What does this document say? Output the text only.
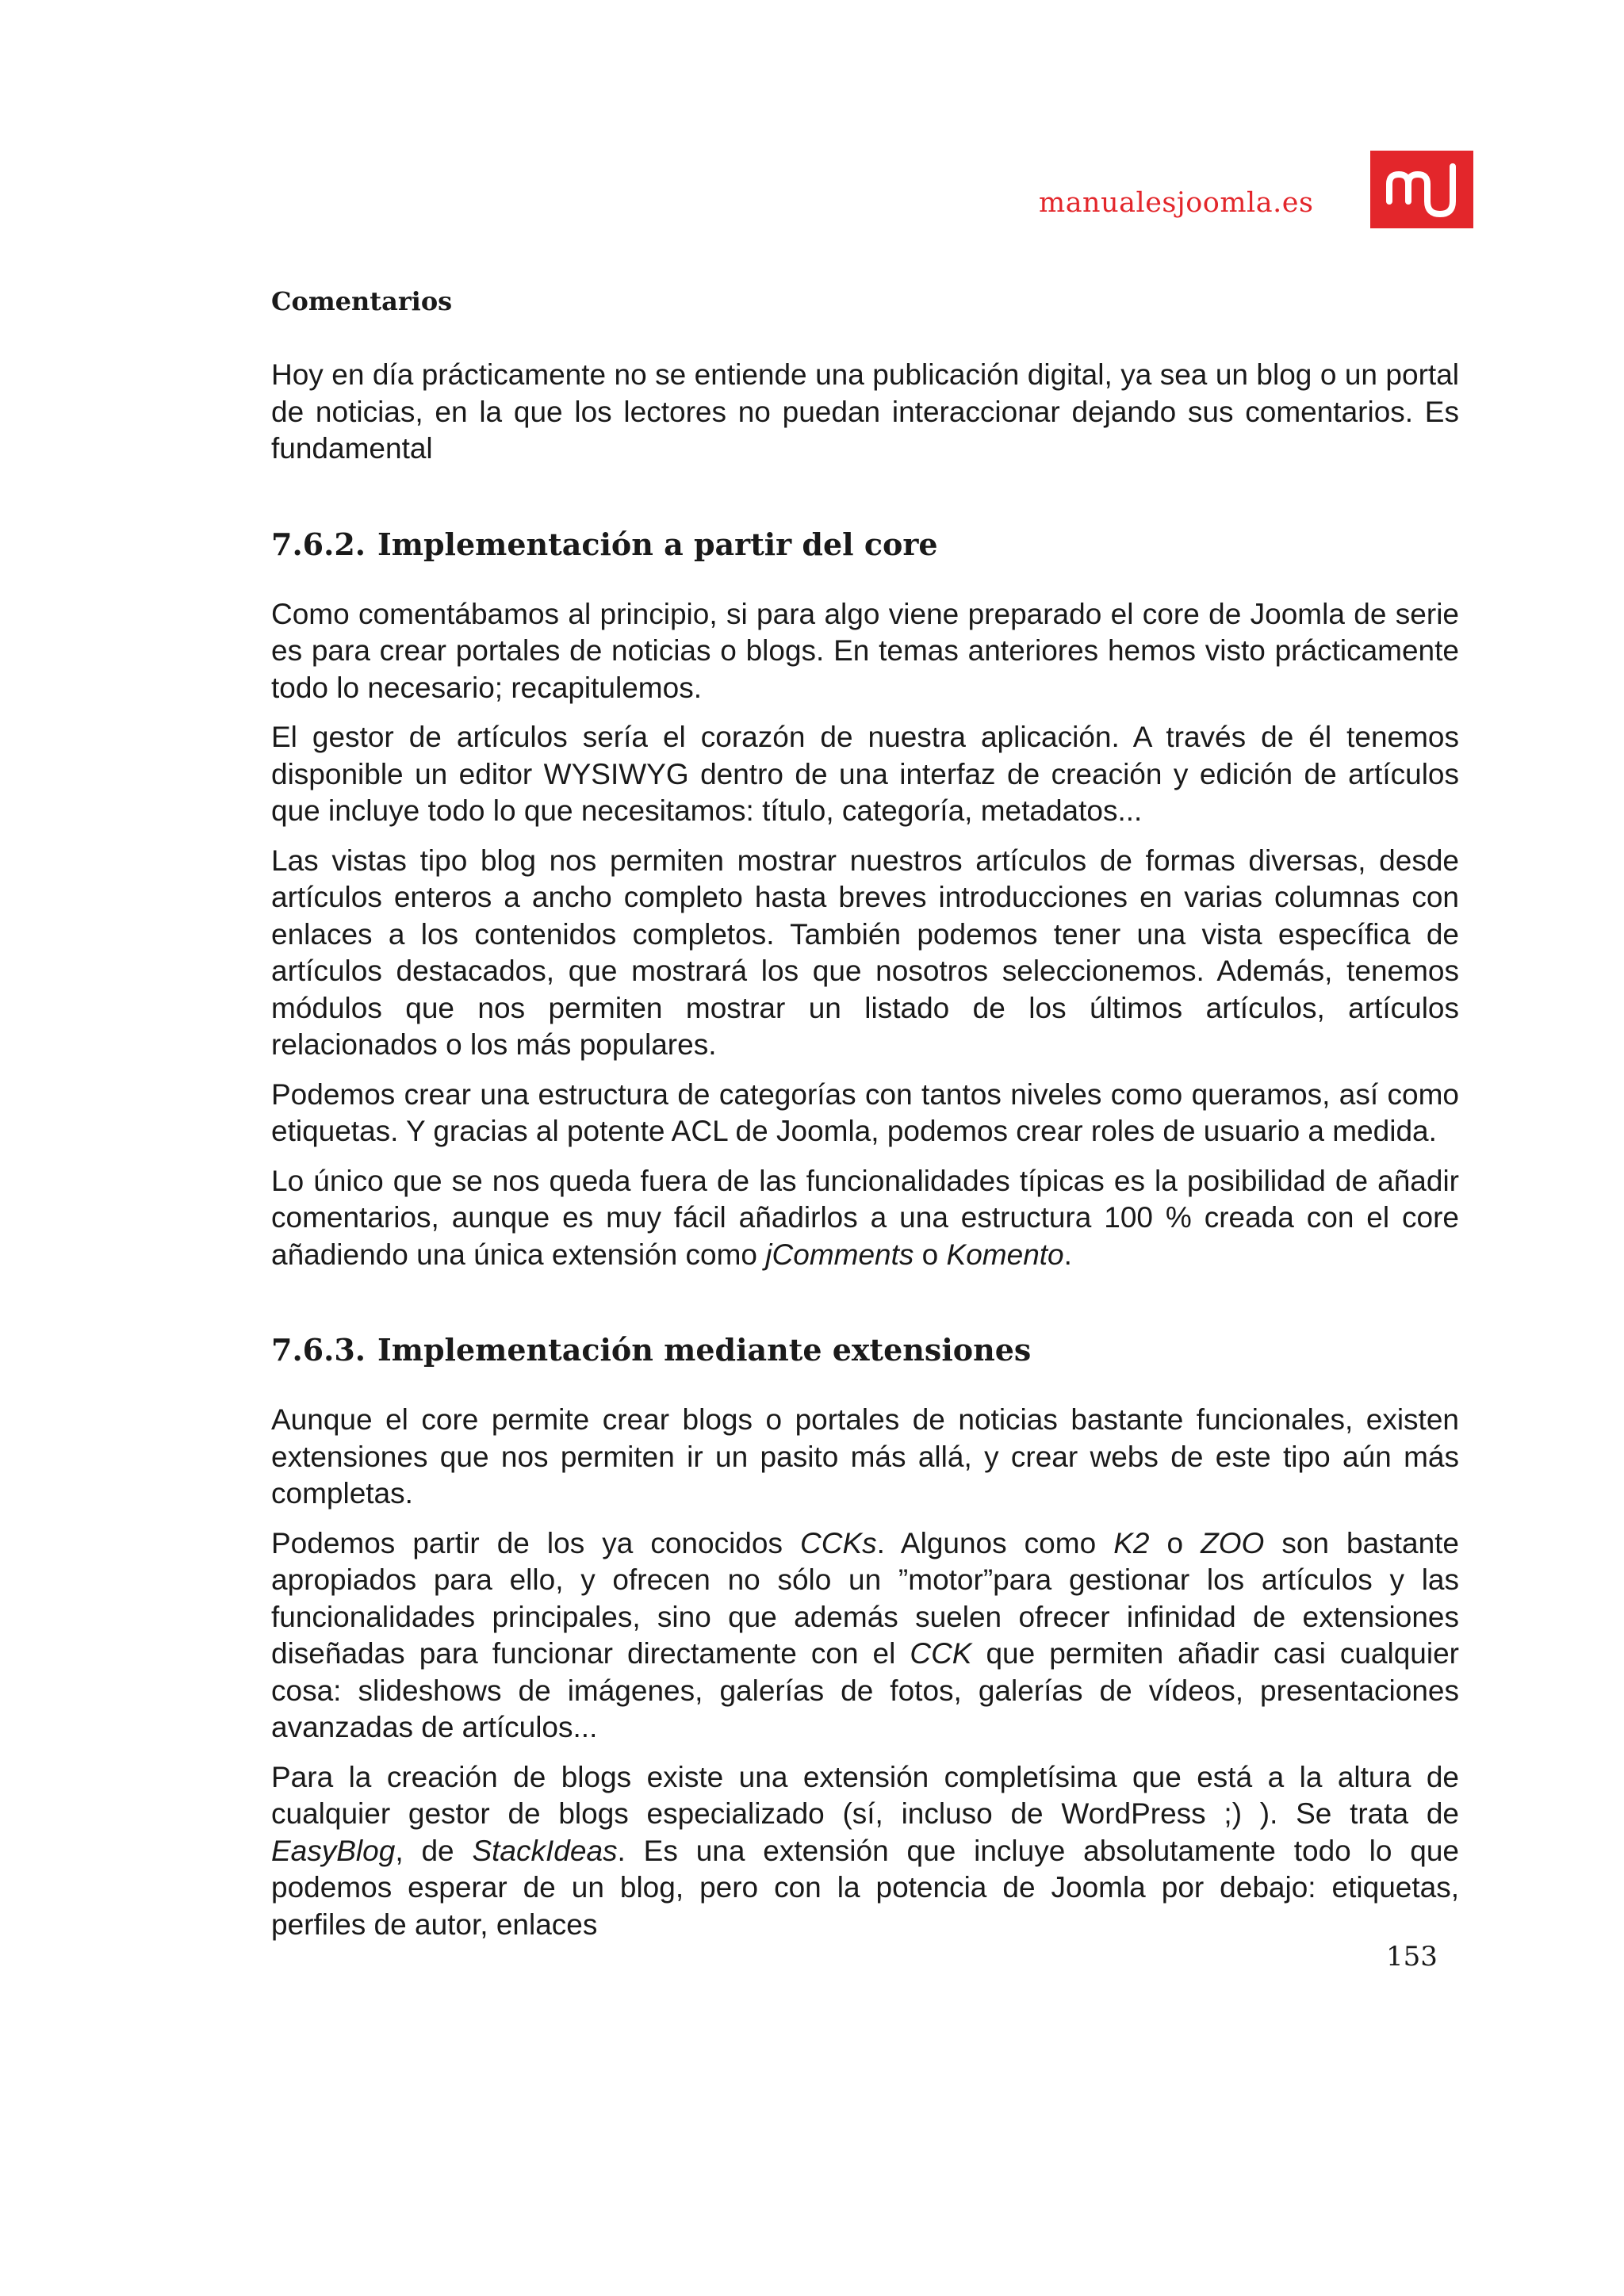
manualesjoomla.es
Comentarios

Hoy en día prácticamente no se entiende una publicación digital, ya sea un blog o un portal de noticias, en la que los lectores no puedan interaccionar dejando sus comentarios. Es fundamental

7.6.2. Implementación a partir del core

Como comentábamos al principio, si para algo viene preparado el core de Joomla de serie es para crear portales de noticias o blogs. En temas anteriores hemos visto prácticamente todo lo necesario; recapitulemos.

El gestor de artículos sería el corazón de nuestra aplicación. A través de él tenemos disponible un editor WYSIWYG dentro de una interfaz de creación y edición de artículos que incluye todo lo que necesitamos: título, categoría, metadatos...

Las vistas tipo blog nos permiten mostrar nuestros artículos de formas diversas, desde artículos enteros a ancho completo hasta breves introducciones en varias columnas con enlaces a los contenidos completos. También podemos tener una vista específica de artículos destacados, que mostrará los que nosotros seleccionemos. Además, tenemos módulos que nos permiten mostrar un listado de los últimos artículos, artículos relacionados o los más populares.

Podemos crear una estructura de categorías con tantos niveles como queramos, así como etiquetas. Y gracias al potente ACL de Joomla, podemos crear roles de usuario a medida.

Lo único que se nos queda fuera de las funcionalidades típicas es la posibilidad de añadir comentarios, aunque es muy fácil añadirlos a una estructura 100 % creada con el core añadiendo una única extensión como jComments o Komento.

7.6.3. Implementación mediante extensiones

Aunque el core permite crear blogs o portales de noticias bastante funcionales, existen extensiones que nos permiten ir un pasito más allá, y crear webs de este tipo aún más completas.

Podemos partir de los ya conocidos CCKs. Algunos como K2 o ZOO son bastante apropiados para ello, y ofrecen no sólo un ”motor”para gestionar los artículos y las funcionalidades principales, sino que además suelen ofrecer infinidad de extensiones diseñadas para funcionar directamente con el CCK que permiten añadir casi cualquier cosa: slideshows de imágenes, galerías de fotos, galerías de vídeos, presentaciones avanzadas de artículos...

Para la creación de blogs existe una extensión completísima que está a la altura de cualquier gestor de blogs especializado (sí, incluso de WordPress ;) ). Se trata de EasyBlog, de StackIdeas. Es una extensión que incluye absolutamente todo lo que podemos esperar de un blog, pero con la potencia de Joomla por debajo: etiquetas, perfiles de autor, enlaces

153
